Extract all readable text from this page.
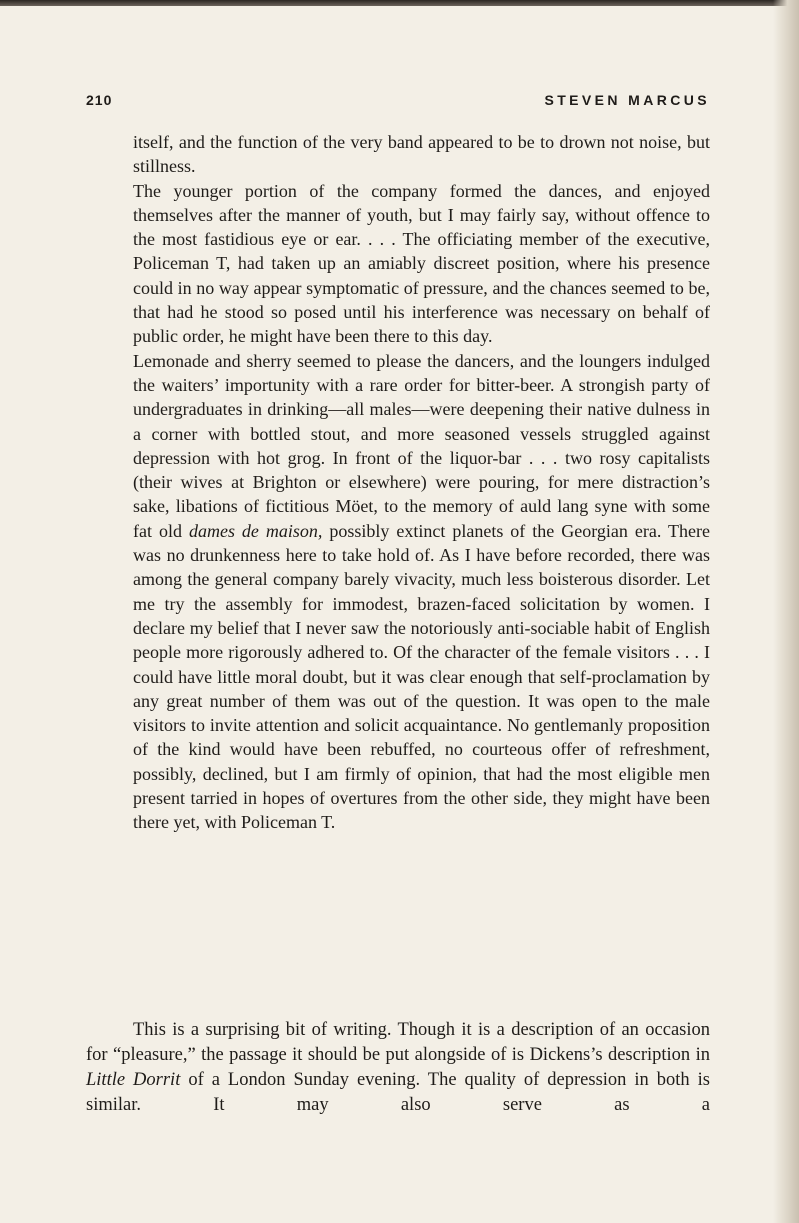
210	STEVEN MARCUS

itself, and the function of the very band appeared to be to drown not noise, but stillness.

The younger portion of the company formed the dances, and enjoyed themselves after the manner of youth, but I may fairly say, without offence to the most fastidious eye or ear. . . . The officiating member of the executive, Policeman T, had taken up an amiably discreet position, where his presence could in no way appear symptomatic of pressure, and the chances seemed to be, that had he stood so posed until his interference was necessary on behalf of public order, he might have been there to this day.

Lemonade and sherry seemed to please the dancers, and the loungers indulged the waiters’ importunity with a rare order for bitter-beer. A strongish party of undergraduates in drinking—all males—were deepening their native dulness in a corner with bottled stout, and more seasoned vessels struggled against depression with hot grog. In front of the liquor-bar . . . two rosy capitalists (their wives at Brighton or elsewhere) were pouring, for mere distraction’s sake, libations of fictitious Möet, to the memory of auld lang syne with some fat old dames de maison, possibly extinct planets of the Georgian era. There was no drunkenness here to take hold of. As I have before recorded, there was among the general company barely vivacity, much less boisterous disorder. Let me try the assembly for immodest, brazen-faced solicitation by women. I declare my belief that I never saw the notoriously anti-sociable habit of English people more rigorously adhered to. Of the character of the female visitors . . . I could have little moral doubt, but it was clear enough that self-proclamation by any great number of them was out of the question. It was open to the male visitors to invite attention and solicit acquaintance. No gentlemanly proposition of the kind would have been rebuffed, no courteous offer of refreshment, possibly, declined, but I am firmly of opinion, that had the most eligible men present tarried in hopes of overtures from the other side, they might have been there yet, with Policeman T.

This is a surprising bit of writing. Though it is a description of an occasion for “pleasure,” the passage it should be put alongside of is Dickens’s description in Little Dorrit of a London Sunday evening. The quality of depression in both is similar. It may also serve as a
